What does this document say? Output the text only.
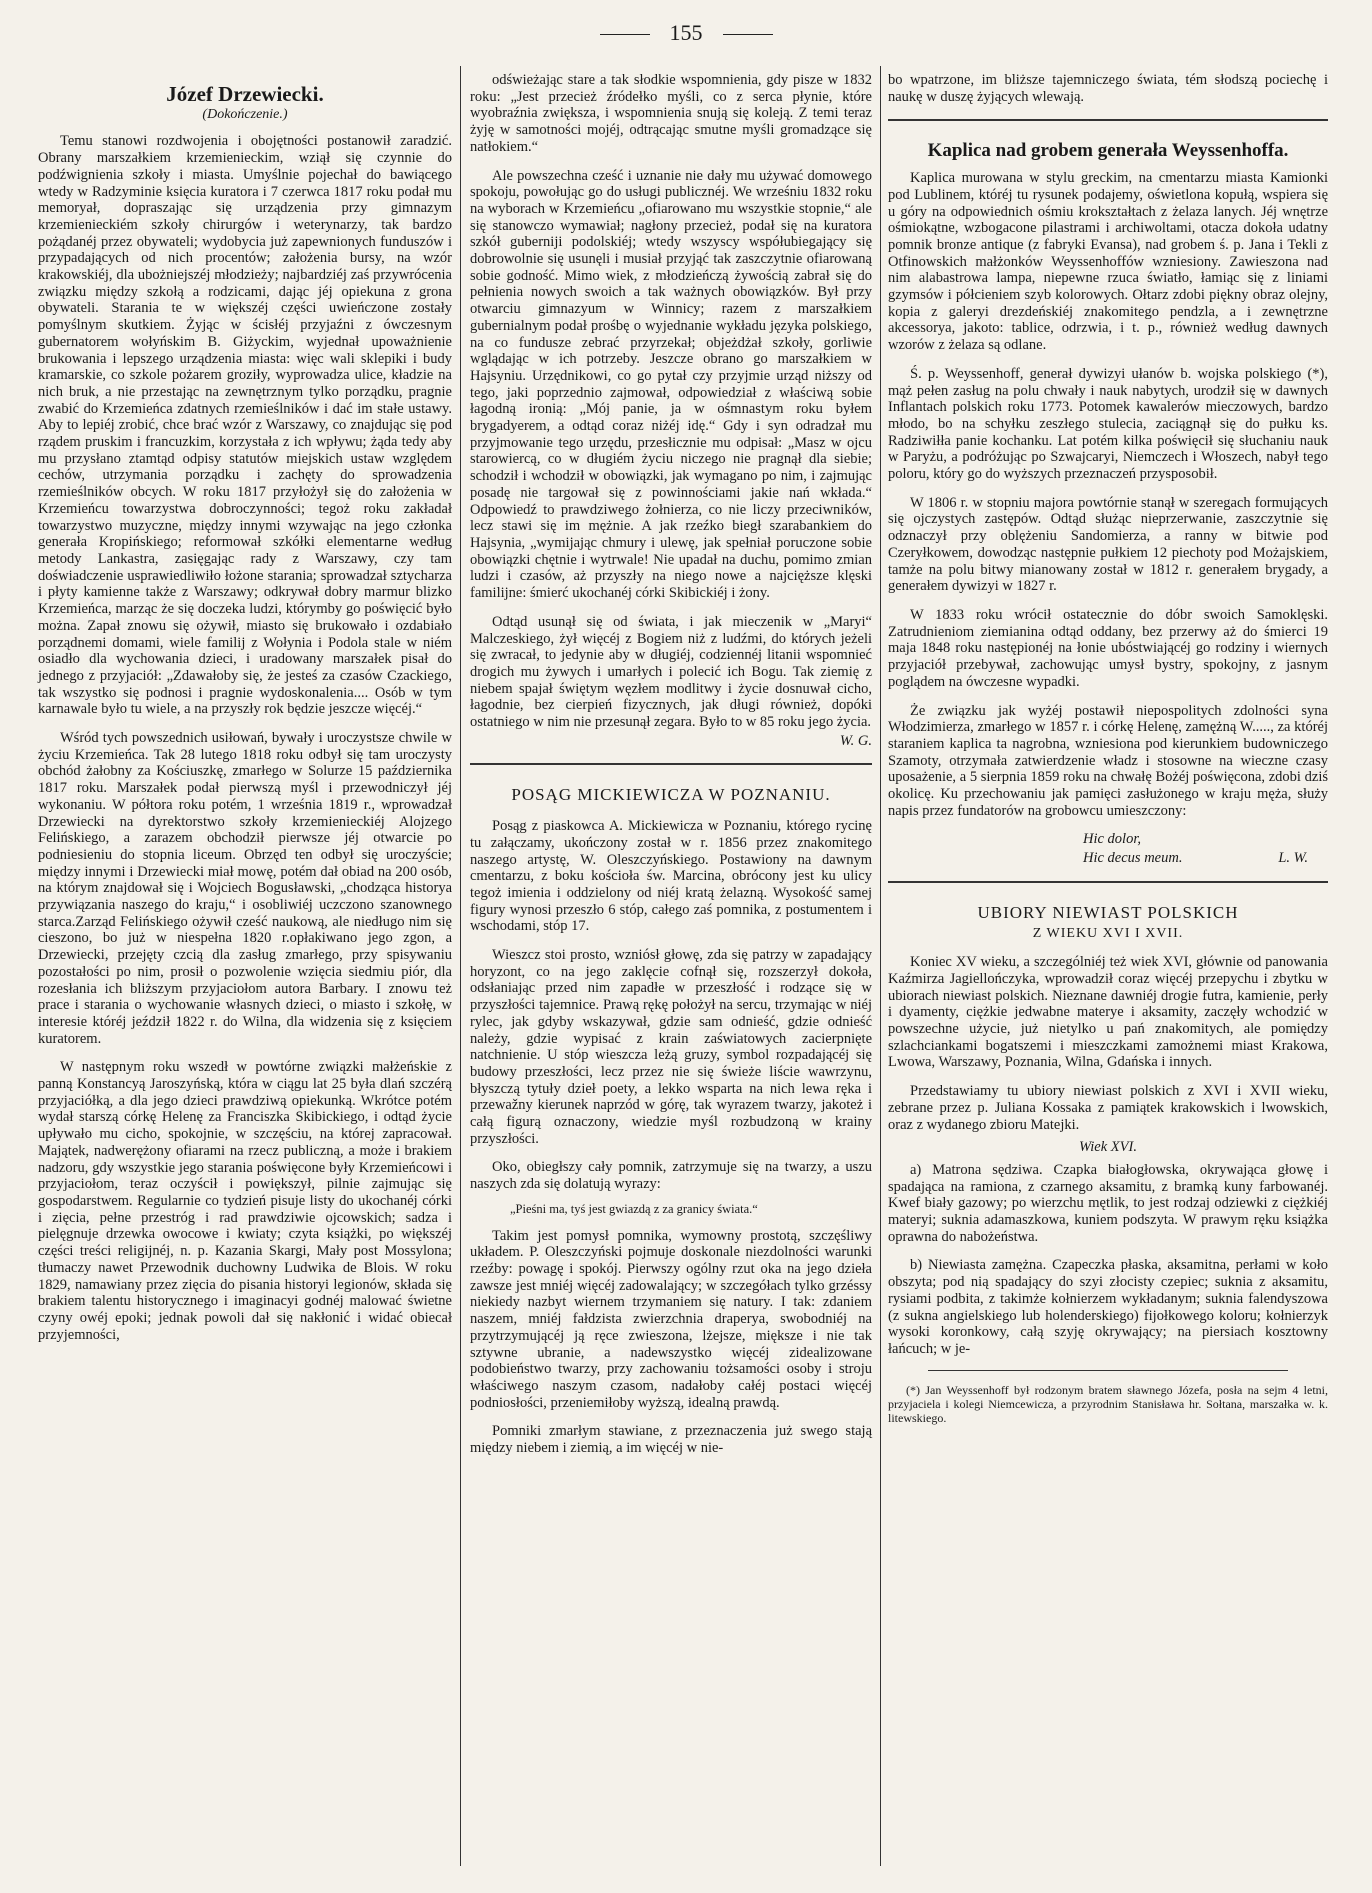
155

Józef Drzewiecki.

(Dokończenie.)

Temu stanowi rozdwojenia i obojętności postanowił zaradzić. Obrany marszałkiem krzemienieckim, wziął się czynnie do podźwignienia szkoły i miasta. Umyślnie pojechał do bawiącego wtedy w Radzyminie księcia kuratora i 7 czerwca 1817 roku podał mu memoryał, dopraszając się urządzenia przy gimnazym krzemienieckiém szkoły chirurgów i weterynarzy, tak bardzo pożądanéj przez obywateli; wydobycia już zapewnionych funduszów i przypadających od nich procentów; założenia bursy, na wzór krakowskiéj, dla ubożniejszéj młodzieży; najbardziéj zaś przywrócenia związku między szkołą a rodzicami, dając jéj opiekuna z grona obywateli. Starania te w większéj części uwieńczone zostały pomyślnym skutkiem. Żyjąc w ścisłéj przyjaźni z ówczesnym gubernatorem wołyńskim B. Giżyckim, wyjednał upoważnienie brukowania i lepszego urządzenia miasta: więc wali sklepiki i budy kramarskie, co szkole pożarem groziły, wyprowadza ulice, kładzie na nich bruk, a nie przestając na zewnętrznym tylko porządku, pragnie zwabić do Krzemieńca zdatnych rzemieślników i dać im stałe ustawy. Aby to lepiéj zrobić, chce brać wzór z Warszawy, co znajdując się pod rządem pruskim i francuzkim, korzystała z ich wpływu; żąda tedy aby mu przysłano ztamtąd odpisy statutów miejskich ustaw względem cechów, utrzymania porządku i zachęty do sprowadzenia rzemieślników obcych. W roku 1817 przyłożył się do założenia w Krzemieńcu towarzystwa dobroczynności; tegoż roku zakładał towarzystwo muzyczne, między innymi wzywając na jego członka generała Kropińskiego; reformował szkółki elementarne według metody Lankastra, zasięgając rady z Warszawy, czy tam doświadczenie usprawiedliwiło łożone starania; sprowadzał sztycharza i płyty kamienne także z Warszawy; odkrywał dobry marmur blizko Krzemieńca, marząc że się doczeka ludzi, którymby go poświęcić było można. Zapał znowu się ożywił, miasto się brukowało i ozdabiało porządnemi domami, wiele familij z Wołynia i Podola stale w niém osiadło dla wychowania dzieci, i uradowany marszałek pisał do jednego z przyjaciół: „Zdawałoby się, że jesteś za czasów Czackiego, tak wszystko się podnosi i pragnie wydoskonalenia.... Osób w tym karnawale było tu wiele, a na przyszły rok będzie jeszcze więcéj.“

Wśród tych powszednich usiłowań, bywały i uroczystsze chwile w życiu Krzemieńca. Tak 28 lutego 1818 roku odbył się tam uroczysty obchód żałobny za Kościuszkę, zmarłego w Solurze 15 października 1817 roku. Marszałek podał pierwszą myśl i przewodniczył jéj wykonaniu. W półtora roku potém, 1 września 1819 r., wprowadzał Drzewiecki na dyrektorstwo szkoły krzemienieckiéj Alojzego Felińskiego, a zarazem obchodził pierwsze jéj otwarcie po podniesieniu do stopnia liceum. Obrzęd ten odbył się uroczyście; między innymi i Drzewiecki miał mowę, potém dał obiad na 200 osób, na którym znajdował się i Wojciech Bogusławski, „chodząca historya przywiązania naszego do kraju,“ i osobliwiéj uczczono szanownego starca.Zarząd Felińskiego ożywił cześć naukową, ale niedługo nim się cieszono, bo już w niespełna 1820 r.opłakiwano jego zgon, a Drzewiecki, przejęty czcią dla zasług zmarłego, przy spisywaniu pozostałości po nim, prosił o pozwolenie wzięcia siedmiu piór, dla rozesłania ich bliższym przyjaciołom autora Barbary. I znowu też prace i starania o wychowanie własnych dzieci, o miasto i szkołę, w interesie któréj jeździł 1822 r. do Wilna, dla widzenia się z księciem kuratorem.

W następnym roku wszedł w powtórne związki małżeńskie z panną Konstancyą Jaroszyńską, która w ciągu lat 25 była dlań szczérą przyjaciółką, a dla jego dzieci prawdziwą opiekunką. Wkrótce potém wydał starszą córkę Helenę za Franciszka Skibickiego, i odtąd życie upływało mu cicho, spokojnie, w szczęściu, na której zapracował. Majątek, nadwerężony ofiarami na rzecz publiczną, a może i brakiem nadzoru, gdy wszystkie jego starania poświęcone były Krzemieńcowi i przyjaciołom, teraz oczyścił i powiększył, pilnie zajmując się gospodarstwem. Regularnie co tydzień pisuje listy do ukochanéj córki i zięcia, pełne przestróg i rad prawdziwie ojcowskich; sadza i pielęgnuje drzewka owocowe i kwiaty; czyta książki, po większéj części treści religijnéj, n. p. Kazania Skargi, Mały post Mossylona; tłumaczy nawet Przewodnik duchowny Ludwika de Blois. W roku 1829, namawiany przez zięcia do pisania historyi legionów, składa się brakiem talentu historycznego i imaginacyi godnéj malować świetne czyny owéj epoki; jednak powoli dał się nakłonić i widać obiecał przyjemności,

odświeżając stare a tak słodkie wspomnienia, gdy pisze w 1832 roku: „Jest przecież źródełko myśli, co z serca płynie, które wyobraźnia zwiększa, i wspomnienia snują się koleją. Z temi teraz żyję w samotności mojéj, odtrącając smutne myśli gromadzące się natłokiem.“

Ale powszechna cześć i uznanie nie dały mu używać domowego spokoju, powołując go do usługi publicznéj. We wrześniu 1832 roku na wyborach w Krzemieńcu „ofiarowano mu wszystkie stopnie,“ ale się stanowczo wymawiał; nagłony przecież, podał się na kuratora szkół guberniji podolskiéj; wtedy wszyscy współubiegający się dobrowolnie się usunęli i musiał przyjąć tak zaszczytnie ofiarowaną sobie godność. Mimo wiek, z młodzieńczą żywością zabrał się do pełnienia nowych swoich a tak ważnych obowiązków. Był przy otwarciu gimnazyum w Winnicy; razem z marszałkiem gubernialnym podał prośbę o wyjednanie wykładu języka polskiego, na co fundusze zebrać przyrzekał; objeżdżał szkoły, gorliwie wglądając w ich potrzeby. Jeszcze obrano go marszałkiem w Hajsyniu. Urzędnikowi, co go pytał czy przyjmie urząd niższy od tego, jaki poprzednio zajmował, odpowiedział z właściwą sobie łagodną ironią: „Mój panie, ja w ośmnastym roku byłem brygadyerem, a odtąd coraz niżéj idę.“ Gdy i syn odradzał mu przyjmowanie tego urzędu, przesłicznie mu odpisał: „Masz w ojcu starowiercą, co w długiém życiu niczego nie pragnął dla siebie; schodził i wchodził w obowiązki, jak wymagano po nim, i zajmując posadę nie targował się z powinnościami jakie nań wkłada.“ Odpowiedź to prawdziwego żołnierza, co nie liczy przeciwników, lecz stawi się im mężnie. A jak rzeźko biegł szarabankiem do Hajsynia, „wymijając chmury i ulewę, jak spełniał poruczone sobie obowiązki chętnie i wytrwale! Nie upadał na duchu, pomimo zmian ludzi i czasów, aż przyszły na niego nowe a najcięższe klęski familijne: śmierć ukochanéj córki Skibickiéj i żony.

Odtąd usunął się od świata, i jak mieczenik w „Maryi“ Malczeskiego, żył więcéj z Bogiem niż z ludźmi, do których jeżeli się zwracał, to jedynie aby w długiéj, codziennéj litanii wspomnieć drogich mu żywych i umarłych i polecić ich Bogu. Tak ziemię z niebem spajał świętym węzłem modlitwy i życie dosnuwał cicho, łagodnie, bez cierpień fizycznych, jak długi również, dopóki ostatniego w nim nie przesunął zegara. Było to w 85 roku jego życia.

W. G.

POSĄG MICKIEWICZA W POZNANIU.

Posąg z piaskowca A. Mickiewicza w Poznaniu, którego rycinę tu załączamy, ukończony został w r. 1856 przez znakomitego naszego artystę, W. Oleszczyńskiego. Postawiony na dawnym cmentarzu, z boku kościoła św. Marcina, obrócony jest ku ulicy tegoż imienia i oddzielony od niéj kratą żelazną. Wysokość samej figury wynosi przeszło 6 stóp, całego zaś pomnika, z postumentem i wschodami, stóp 17.

Wieszcz stoi prosto, wzniósł głowę, zda się patrzy w zapadający horyzont, co na jego zaklęcie cofnął się, rozszerzył dokoła, odsłaniając przed nim zapadłe w przeszłość i rodzące się w przyszłości tajemnice. Prawą rękę położył na sercu, trzymając w niéj rylec, jak gdyby wskazywał, gdzie sam odnieść, gdzie odnieść należy, gdzie wypisać z krain zaświatowych zacierpnięte natchnienie. U stóp wieszcza leżą gruzy, symbol rozpadającéj się budowy przeszłości, lecz przez nie się świeże liście wawrzynu, błyszczą tytuły dzieł poety, a lekko wsparta na nich lewa ręka i przewažny kierunek naprzód w górę, tak wyrazem twarzy, jakoteż i całą figurą oznaczony, wiedzie myśl rozbudzoną w krainy przyszłości.

Oko, obiegłszy cały pomnik, zatrzymuje się na twarzy, a uszu naszych zda się dolatują wyrazy:

„Pieśni ma, tyś jest gwiazdą z za granicy świata.“

Takim jest pomysł pomnika, wymowny prostotą, szczęśliwy układem. P. Oleszczyński pojmuje doskonale niezdolności warunki rzeźby: powagę i spokój. Pierwszy ogólny rzut oka na jego dzieła zawsze jest mniéj więcéj zadowalający; w szczegółach tylko grzéssy niekiedy nazbyt wiernem trzymaniem się natury. I tak: zdaniem naszem, mniéj fałdzista zwierzchnia draperya, swobodniéj na przytrzymującéj ją ręce zwieszona, lżejsze, miększe i nie tak sztywne ubranie, a nadewszystko więcéj zidealizowane podobieństwo twarzy, przy zachowaniu tożsamości osoby i stroju właściwego naszym czasom, nadałoby całéj postaci więcéj podniosłości, przeniemiłoby wyższą, idealną prawdą.

Pomniki zmarłym stawiane, z przeznaczenia już swego stają między niebem i ziemią, a im więcéj w nie-

bo wpatrzone, im bliższe tajemniczego świata, tém słodszą pociechę i naukę w duszę żyjących wlewają.

Kaplica nad grobem generała Weyssenhoffa.

Kaplica murowana w stylu greckim, na cmentarzu miasta Kamionki pod Lublinem, któréj tu rysunek podajemy, oświetlona kopułą, wspiera się u góry na odpowiednich ośmiu krokształtach z żelaza lanych. Jéj wnętrze ośmiokątne, wzbogacone pilastrami i archiwoltami, otacza dokoła udatny pomnik bronze antique (z fabryki Evansa), nad grobem ś. p. Jana i Tekli z Otfinowskich małżonków Weyssenhoffów wzniesiony. Zawieszona nad nim alabastrowa lampa, niepewne rzuca światło, łamiąc się z liniami gzymsów i półcieniem szyb kolorowych. Ołtarz zdobi piękny obraz olejny, kopia z galeryi drezdeńskiéj znakomitego pendzla, a i zewnętrzne akcessorya, jakoto: tablice, odrzwia, i t. p., również według dawnych wzorów z żelaza są odlane.

Ś. p. Weyssenhoff, generał dywizyi ułanów b. wojska polskiego (*), mąż pełen zasług na polu chwały i nauk nabytych, urodził się w dawnych Inflantach polskich roku 1773. Potomek kawalerów mieczowych, bardzo młodo, bo na schyłku zeszłego stulecia, zaciągnął się do pułku ks. Radziwiłła panie kochanku. Lat potém kilka poświęcił się słuchaniu nauk w Paryżu, a podróżując po Szwajcaryi, Niemczech i Włoszech, nabył tego poloru, który go do wyższych przeznaczeń przysposobił.

W 1806 r. w stopniu majora powtórnie stanął w szeregach formujących się ojczystych zastępów. Odtąd służąc nieprzerwanie, zaszczytnie się odznaczył przy oblężeniu Sandomierza, a ranny w bitwie pod Czeryłkowem, dowodząc następnie pułkiem 12 piechoty pod Możajskiem, tamże na polu bitwy mianowany został w 1812 r. generałem brygady, a generałem dywizyi w 1827 r.

W 1833 roku wrócił ostatecznie do dóbr swoich Samoklęski. Zatrudnieniom ziemianina odtąd oddany, bez przerwy aż do śmierci 19 maja 1848 roku następionéj na łonie ubóstwiającéj go rodziny i wiernych przyjaciół przebywał, zachowując umysł bystry, spokojny, z jasnym poglądem na ówczesne wypadki.

Że związku jak wyżéj postawił niepospolitych zdolności syna Włodzimierza, zmarłego w 1857 r. i córkę Helenę, zamężną W....., za któréj staraniem kaplica ta nagrobna, wzniesiona pod kierunkiem budowniczego Szamoty, otrzymała zatwierdzenie władz i stosowne na wieczne czasy uposażenie, a 5 sierpnia 1859 roku na chwałę Bożéj poświęcona, zdobi dziś okolicę. Ku przechowaniu jak pamięci zasłużonego w kraju męża, służy napis przez fundatorów na grobowcu umieszczony:

Hic dolor,

Hic decus meum.	L. W.

UBIORY NIEWIAST POLSKICH

Z WIEKU XVI I XVII.

Koniec XV wieku, a szczególniéj też wiek XVI, głównie od panowania Kaźmirza Jagiellończyka, wprowadził coraz więcéj przepychu i zbytku w ubiorach niewiast polskich. Nieznane dawniéj drogie futra, kamienie, perły i dyamenty, ciężkie jedwabne materye i aksamity, zaczęły wchodzić w powszechne użycie, już nietylko u pań znakomitych, ale pomiędzy szlachciankami bogatszemi i mieszczkami zamożnemi miast Krakowa, Lwowa, Warszawy, Poznania, Wilna, Gdańska i innych.

Przedstawiamy tu ubiory niewiast polskich z XVI i XVII wieku, zebrane przez p. Juliana Kossaka z pamiątek krakowskich i lwowskich, oraz z wydanego zbioru Matejki.

Wiek XVI.

a) Matrona sędziwa. Czapka białogłowska, okrywająca głowę i spadająca na ramiona, z czarnego aksamitu, z bramką kuny farbowanéj. Kwef biały gazowy; po wierzchu mętlik, to jest rodzaj odziewki z ciężkiéj materyi; suknia adamaszkowa, kuniem podszyta. W prawym ręku książka oprawna do nabożeństwa.

b) Niewiasta zamężna. Czapeczka płaska, aksamitna, perłami w koło obszyta; pod nią spadający do szyi złocisty czepiec; suknia z aksamitu, rysiami podbita, z takimże kołnierzem wykładanym; suknia falendyszowa (z sukna angielskiego lub holenderskiego) fijołkowego koloru; kołnierzyk wysoki koronkowy, całą szyję okrywający; na piersiach kosztowny łańcuch; w je-

(*) Jan Weyssenhoff był rodzonym bratem sławnego Józefa, posła na sejm 4 letni, przyjaciela i kolegi Niemcewicza, a przyrodnim Stanisława hr. Sołtana, marszałka w. k. litewskiego.
